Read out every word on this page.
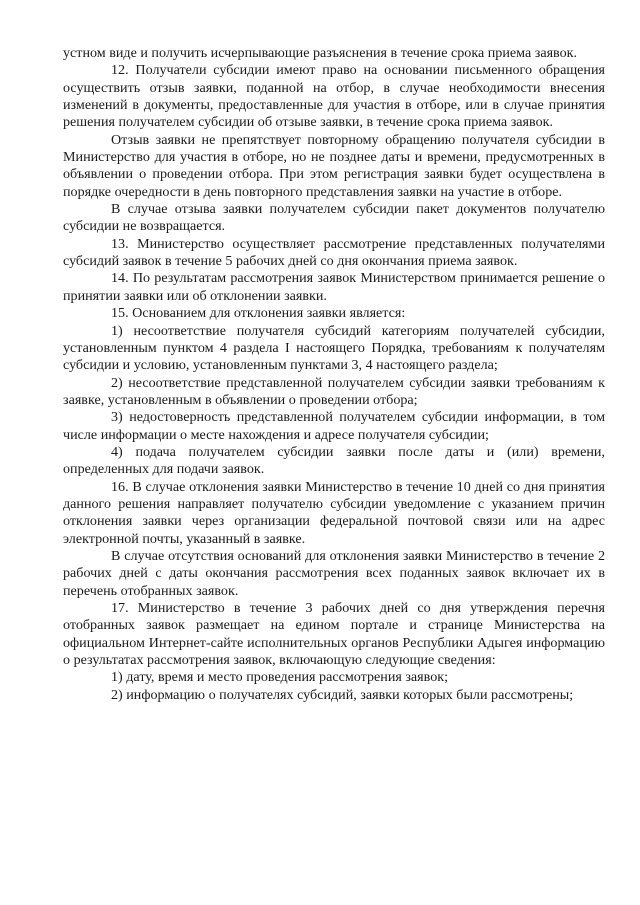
устном виде и получить исчерпывающие разъяснения в течение срока приема заявок.

12. Получатели субсидии имеют право на основании письменного обращения осуществить отзыв заявки, поданной на отбор, в случае необходимости внесения изменений в документы, предоставленные для участия в отборе, или в случае принятия решения получателем субсидии об отзыве заявки, в течение срока приема заявок.

Отзыв заявки не препятствует повторному обращению получателя субсидии в Министерство для участия в отборе, но не позднее даты и времени, предусмотренных в объявлении о проведении отбора. При этом регистрация заявки будет осуществлена в порядке очередности в день повторного представления заявки на участие в отборе.

В случае отзыва заявки получателем субсидии пакет документов получателю субсидии не возвращается.

13. Министерство осуществляет рассмотрение представленных получателями субсидий заявок в течение 5 рабочих дней со дня окончания приема заявок.

14. По результатам рассмотрения заявок Министерством принимается решение о принятии заявки или об отклонении заявки.

15. Основанием для отклонения заявки является:

1) несоответствие получателя субсидий категориям получателей субсидии, установленным пунктом 4 раздела I настоящего Порядка, требованиям к получателям субсидии и условию, установленным пунктами 3, 4 настоящего раздела;

2) несоответствие представленной получателем субсидии заявки требованиям к заявке, установленным в объявлении о проведении отбора;

3) недостоверность представленной получателем субсидии информации, в том числе информации о месте нахождения и адресе получателя субсидии;

4) подача получателем субсидии заявки после даты и (или) времени, определенных для подачи заявок.

16. В случае отклонения заявки Министерство в течение 10 дней со дня принятия данного решения направляет получателю субсидии уведомление с указанием причин отклонения заявки через организации федеральной почтовой связи или на адрес электронной почты, указанный в заявке.

В случае отсутствия оснований для отклонения заявки Министерство в течение 2 рабочих дней с даты окончания рассмотрения всех поданных заявок включает их в перечень отобранных заявок.

17. Министерство в течение 3 рабочих дней со дня утверждения перечня отобранных заявок размещает на едином портале и странице Министерства на официальном Интернет-сайте исполнительных органов Республики Адыгея информацию о результатах рассмотрения заявок, включающую следующие сведения:

1) дату, время и место проведения рассмотрения заявок;

2) информацию о получателях субсидий, заявки которых были рассмотрены;
